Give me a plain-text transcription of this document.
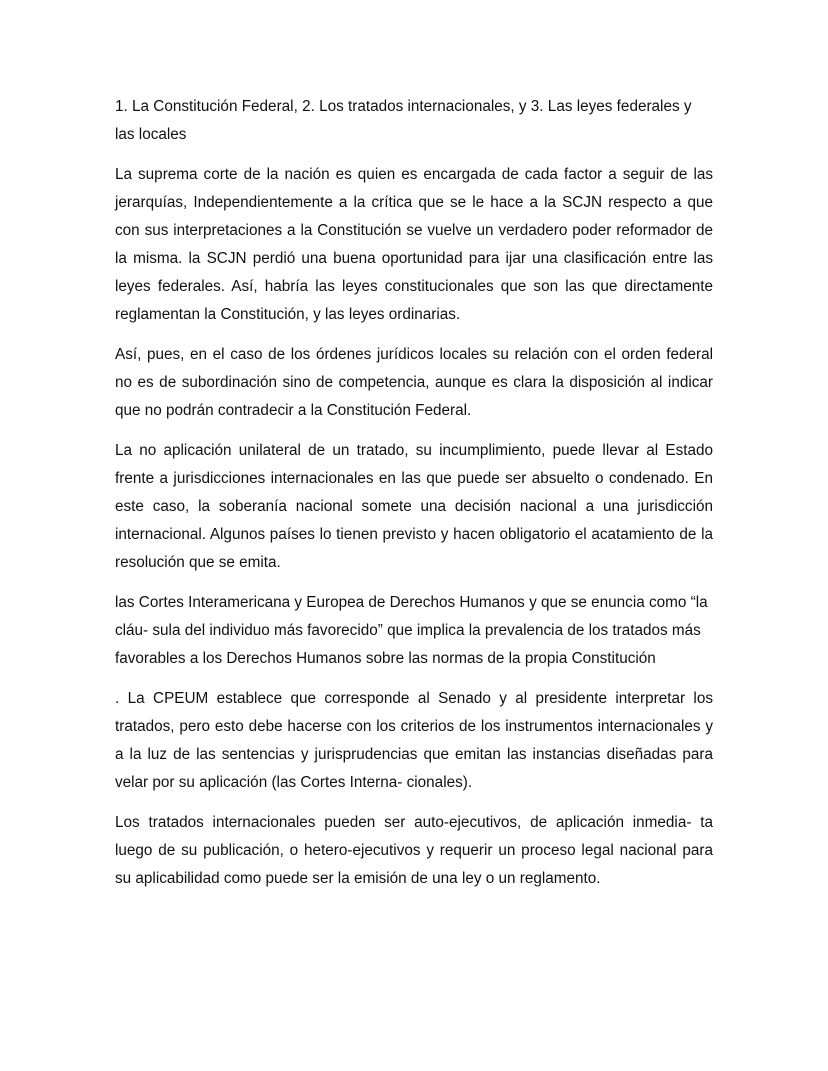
1. La Constitución Federal, 2. Los tratados internacionales, y 3. Las leyes federales y las locales

La suprema corte de la nación es quien es encargada de cada factor a seguir de las jerarquías, Independientemente a la crítica que se le hace a la SCJN respecto a que con sus interpretaciones a la Constitución se vuelve un verdadero poder reformador de la misma. la SCJN perdió una buena oportunidad para ijar una clasificación entre las leyes federales. Así, habría las leyes constitucionales que son las que directamente reglamentan la Constitución, y las leyes ordinarias.

Así, pues, en el caso de los órdenes jurídicos locales su relación con el orden federal no es de subordinación sino de competencia, aunque es clara la disposición al indicar que no podrán contradecir a la Constitución Federal.

La no aplicación unilateral de un tratado, su incumplimiento, puede llevar al Estado frente a jurisdicciones internacionales en las que puede ser absuelto o condenado. En este caso, la soberanía nacional somete una decisión nacional a una jurisdicción internacional. Algunos países lo tienen previsto y hacen obligatorio el acatamiento de la resolución que se emita.

las Cortes Interamericana y Europea de Derechos Humanos y que se enuncia como “la cláu- sula del individuo más favorecido” que implica la prevalencia de los tratados más favorables a los Derechos Humanos sobre las normas de la propia Constitución

. La CPEUM establece que corresponde al Senado y al presidente interpretar los tratados, pero esto debe hacerse con los criterios de los instrumentos internacionales y a la luz de las sentencias y jurisprudencias que emitan las instancias diseñadas para velar por su aplicación (las Cortes Interna- cionales).

Los tratados internacionales pueden ser auto-ejecutivos, de aplicación inmedia- ta luego de su publicación, o hetero-ejecutivos y requerir un proceso legal nacional para su aplicabilidad como puede ser la emisión de una ley o un reglamento.
